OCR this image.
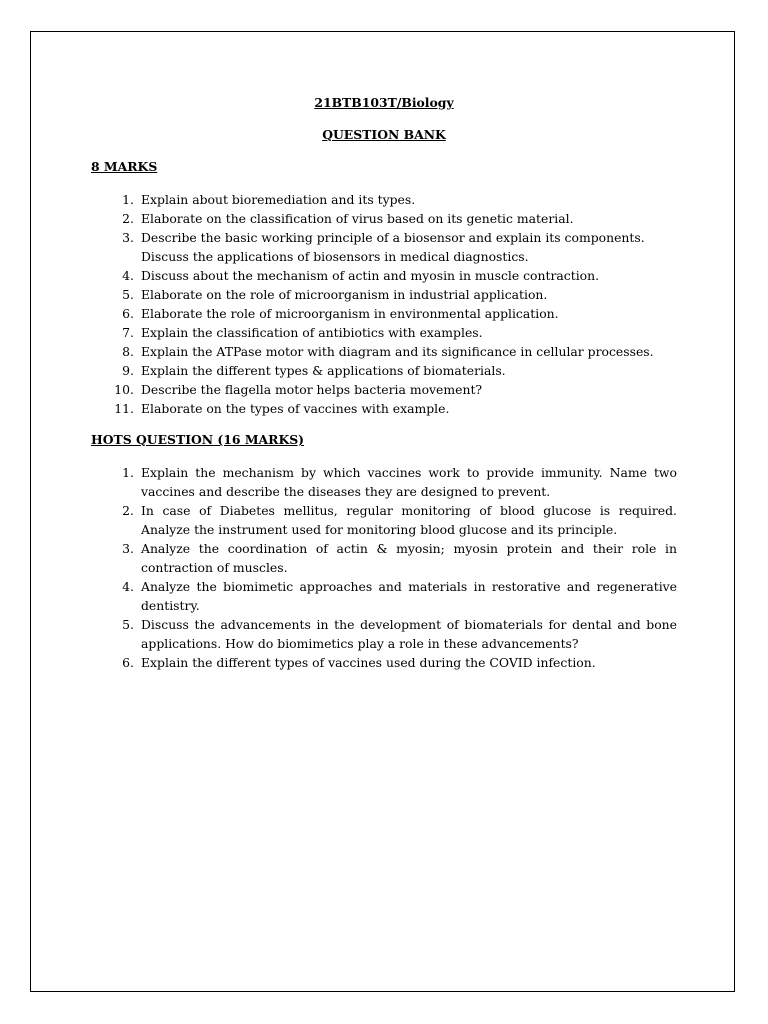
21BTB103T/Biology

QUESTION BANK

8 MARKS

1. Explain about bioremediation and its types.
2. Elaborate on the classification of virus based on its genetic material.
3. Describe the basic working principle of a biosensor and explain its components. Discuss the applications of biosensors in medical diagnostics.
4. Discuss about the mechanism of actin and myosin in muscle contraction.
5. Elaborate on the role of microorganism in industrial application.
6. Elaborate the role of microorganism in environmental application.
7. Explain the classification of antibiotics with examples.
8. Explain the ATPase motor with diagram and its significance in cellular processes.
9. Explain the different types & applications of biomaterials.
10. Describe the flagella motor helps bacteria movement?
11. Elaborate on the types of vaccines with example.

HOTS QUESTION (16 MARKS)

1. Explain the mechanism by which vaccines work to provide immunity. Name two vaccines and describe the diseases they are designed to prevent.
2. In case of Diabetes mellitus, regular monitoring of blood glucose is required. Analyze the instrument used for monitoring blood glucose and its principle.
3. Analyze the coordination of actin & myosin; myosin protein and their role in contraction of muscles.
4. Analyze the biomimetic approaches and materials in restorative and regenerative dentistry.
5. Discuss the advancements in the development of biomaterials for dental and bone applications. How do biomimetics play a role in these advancements?
6. Explain the different types of vaccines used during the COVID infection.
